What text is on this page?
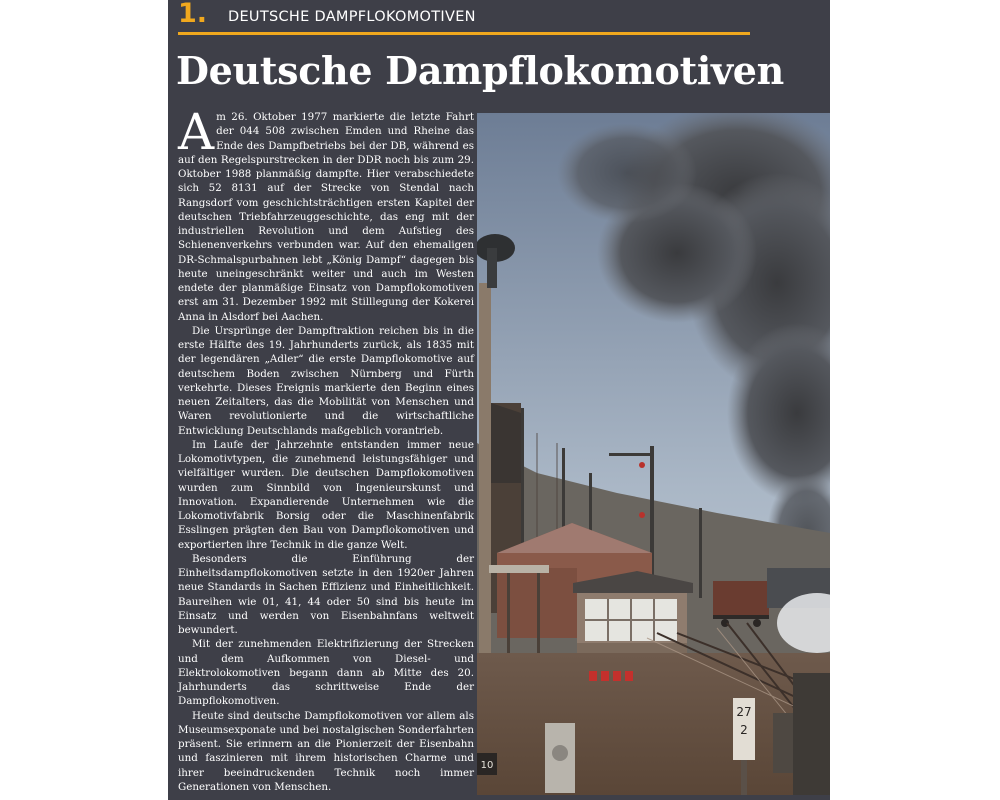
1. DEUTSCHE DAMPFLOKOMOTIVEN
Deutsche Dampflokomotiven

Am 26. Oktober 1977 markierte die letzte Fahrt der 044 508 zwischen Emden und Rheine das Ende des Dampfbetriebs bei der DB, während es auf den Regelspurstrecken in der DDR noch bis zum 29. Oktober 1988 planmäßig dampfte. Hier verabschiedete sich 52 8131 auf der Strecke von Stendal nach Rangsdorf vom geschichtsträchtigen ersten Kapitel der deutschen Triebfahrzeuggeschichte, das eng mit der industriellen Revolution und dem Aufstieg des Schienenverkehrs verbunden war. Auf den ehemaligen DR-Schmalspurbahnen lebt „König Dampf“ dagegen bis heute uneingeschränkt weiter und auch im Westen endete der planmäßige Einsatz von Dampflokomotiven erst am 31. Dezember 1992 mit Stilllegung der Kokerei Anna in Alsdorf bei Aachen.

Die Ursprünge der Dampftraktion reichen bis in die erste Hälfte des 19. Jahrhunderts zurück, als 1835 mit der legendären „Adler“ die erste Dampflokomotive auf deutschem Boden zwischen Nürnberg und Fürth verkehrte. Dieses Ereignis markierte den Beginn eines neuen Zeitalters, das die Mobilität von Menschen und Waren revolutionierte und die wirtschaftliche Entwicklung Deutschlands maßgeblich vorantrieb.

Im Laufe der Jahrzehnte entstanden immer neue Lokomotivtypen, die zunehmend leistungsfähiger und vielfältiger wurden. Die deutschen Dampflokomotiven wurden zum Sinnbild von Ingenieurskunst und Innovation. Expandierende Unternehmen wie die Lokomotivfabrik Borsig oder die Maschinenfabrik Esslingen prägten den Bau von Dampflokomotiven und exportierten ihre Technik in die ganze Welt.

Besonders die Einführung der Einheitsdampflokomotiven setzte in den 1920er Jahren neue Standards in Sachen Effizienz und Einheitlichkeit. Baureihen wie 01, 41, 44 oder 50 sind bis heute im Einsatz und werden von Eisenbahnfans weltweit bewundert.

Mit der zunehmenden Elektrifizierung der Strecken und dem Aufkommen von Diesel- und Elektrolokomotiven begann dann ab Mitte des 20. Jahrhunderts das schrittweise Ende der Dampflokomotiven.

Heute sind deutsche Dampflokomotiven vor allem als Museumsexponate und bei nostalgischen Sonderfahrten präsent. Sie erinnern an die Pionierzeit der Eisenbahn und faszinieren mit ihrem historischen Charme und ihrer beeindruckenden Technik noch immer Generationen von Menschen.

10
27
2
